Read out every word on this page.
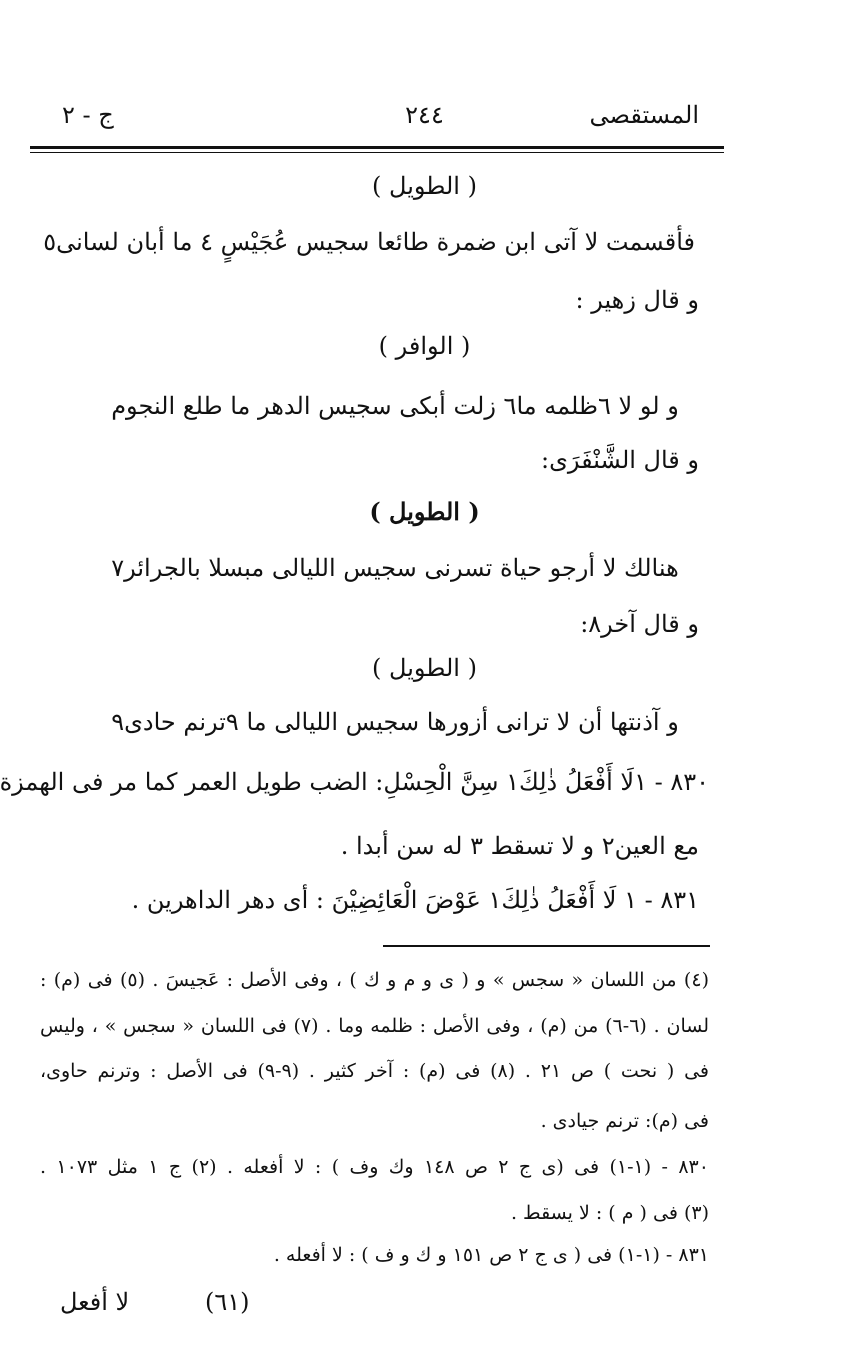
المستقصى
٢٤٤
ج - ٢
( الطويل )
فأقسمت لا آتى ابن ضمرة طائعا سجيس عُجَيْسٍ ٤ ما أبان لسانى٥
و قال زهير :
( الوافر )
و لو لا ٦ظلمه ما٦ زلت أبكى سجيس الدهر ما طلع النجوم
و قال الشَّنْفَرَى:
( الطويل )
هنالك لا أرجو حياة تسرنى سجيس الليالى مبسلا بالجرائر٧
و قال آخر٨:
( الطويل )
و آذنتها أن لا ترانى أزورها سجيس الليالى ما ٩ترنم حادى٩
٨٣٠ - ١لَا أَفْعَلُ ذٰلِكَ١ سِنَّ الْحِسْلِ: الضب طويل العمر كما مر فى الهمزة
مع العين٢ و لا تسقط ٣ له سن أبدا .
٨٣١ - ١ لَا أَفْعَلُ ذٰلِكَ١ عَوْضَ الْعَائِضِيْنَ : أى دهر الداهرين .
(٤) من اللسان « سجس » و ( ى و م و ك ) ، وفى الأصل : عَجيسَ . (٥) فى (م) :
لسان . (٦-٦) من (م) ، وفى الأصل : ظلمه وما . (٧) فى اللسان « سجس » ، وليس
فى ( نحت ) ص ٢١ . (٨) فى (م) : آخر كثير . (٩-٩) فى الأصل : وترنم حاوى،
فى (م): ترنم جيادى .
٨٣٠ - (١-١) فى (ى ج ٢ ص ١٤٨ وك وف ) : لا أفعله . (٢) ج ١ مثل ١٠٧٣ .
(٣) فى ( م ) : لا يسقط .
٨٣١ - (١-١) فى ( ى ج ٢ ص ١٥١ و ك و ف ) : لا أفعله .
لا أفعل	(٦١)
